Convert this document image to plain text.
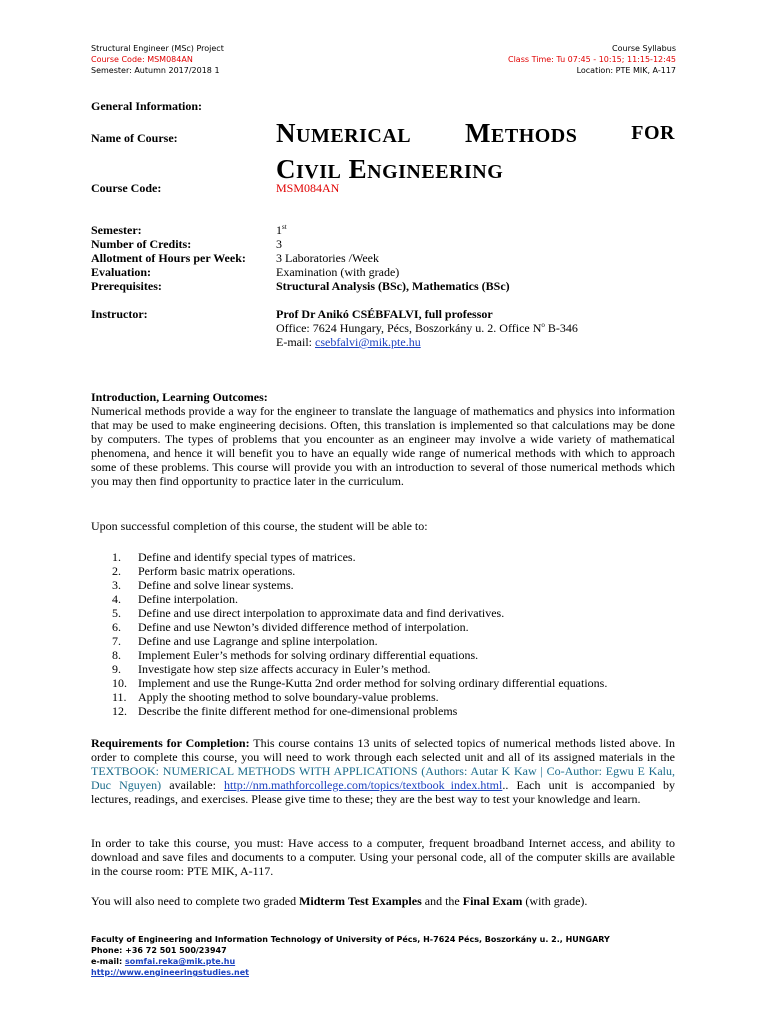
Structural Engineer (MSc) Project
Course Code: MSM084AN
Semester: Autumn 2017/2018 1
Course Syllabus
Class Time: Tu 07:45 - 10:15; 11:15-12:45
Location: PTE MIK, A-117
General Information:
Name of Course:	NUMERICAL METHODS	FOR
CIVIL ENGINEERING
Course Code:	MSM084AN
Semester:	1st
Number of Credits:	3
Allotment of Hours per Week:	3 Laboratories /Week
Evaluation:	Examination (with grade)
Prerequisites:	Structural Analysis (BSc), Mathematics (BSc)
Instructor:	Prof Dr Anikó CSÉBFALVI, full professor
Office: 7624 Hungary, Pécs, Boszorkány u. 2. Office $N^o$ B-346
E-mail: csebfalvi@mik.pte.hu
Introduction, Learning Outcomes:
Numerical methods provide a way for the engineer to translate the language of mathematics and physics into information that may be used to make engineering decisions. Often, this translation is implemented so that calculations may be done by computers. The types of problems that you encounter as an engineer may involve a wide variety of mathematical phenomena, and hence it will benefit you to have an equally wide range of numerical methods with which to approach some of these problems. This course will provide you with an introduction to several of those numerical methods which you may then find opportunity to practice later in the curriculum.
Upon successful completion of this course, the student will be able to:
1.	Define and identify special types of matrices.
2.	Perform basic matrix operations.
3.	Define and solve linear systems.
4.	Define interpolation.
5.	Define and use direct interpolation to approximate data and find derivatives.
6.	Define and use Newton’s divided difference method of interpolation.
7.	Define and use Lagrange and spline interpolation.
8.	Implement Euler’s methods for solving ordinary differential equations.
9.	Investigate how step size affects accuracy in Euler’s method.
10. Implement and use the Runge-Kutta 2nd order method for solving ordinary differential equations.
11. Apply the shooting method to solve boundary-value problems.
12. Describe the finite different method for one-dimensional problems
Requirements for Completion: This course contains 13 units of selected topics of numerical methods listed above. In order to complete this course, you will need to work through each selected unit and all of its assigned materials in the TEXTBOOK: NUMERICAL METHODS WITH APPLICATIONS (Authors: Autar K Kaw | Co-Author: Egwu E Kalu, Duc Nguyen) available: http://nm.mathforcollege.com/topics/textbook_index.html.. Each unit is accompanied by lectures, readings, and exercises. Please give time to these; they are the best way to test your knowledge and learn.
In order to take this course, you must: Have access to a computer, frequent broadband Internet access, and ability to download and save files and documents to a computer. Using your personal code, all of the computer skills are available in the course room: PTE MIK, A-117.
You will also need to complete two graded Midterm Test Examples and the Final Exam (with grade).
Faculty of Engineering and Information Technology of University of Pécs, H-7624 Pécs, Boszorkány u. 2., HUNGARY
Phone: +36 72 501 500/23947
e-mail: somfai.reka@mik.pte.hu
http://www.engineeringstudies.net
